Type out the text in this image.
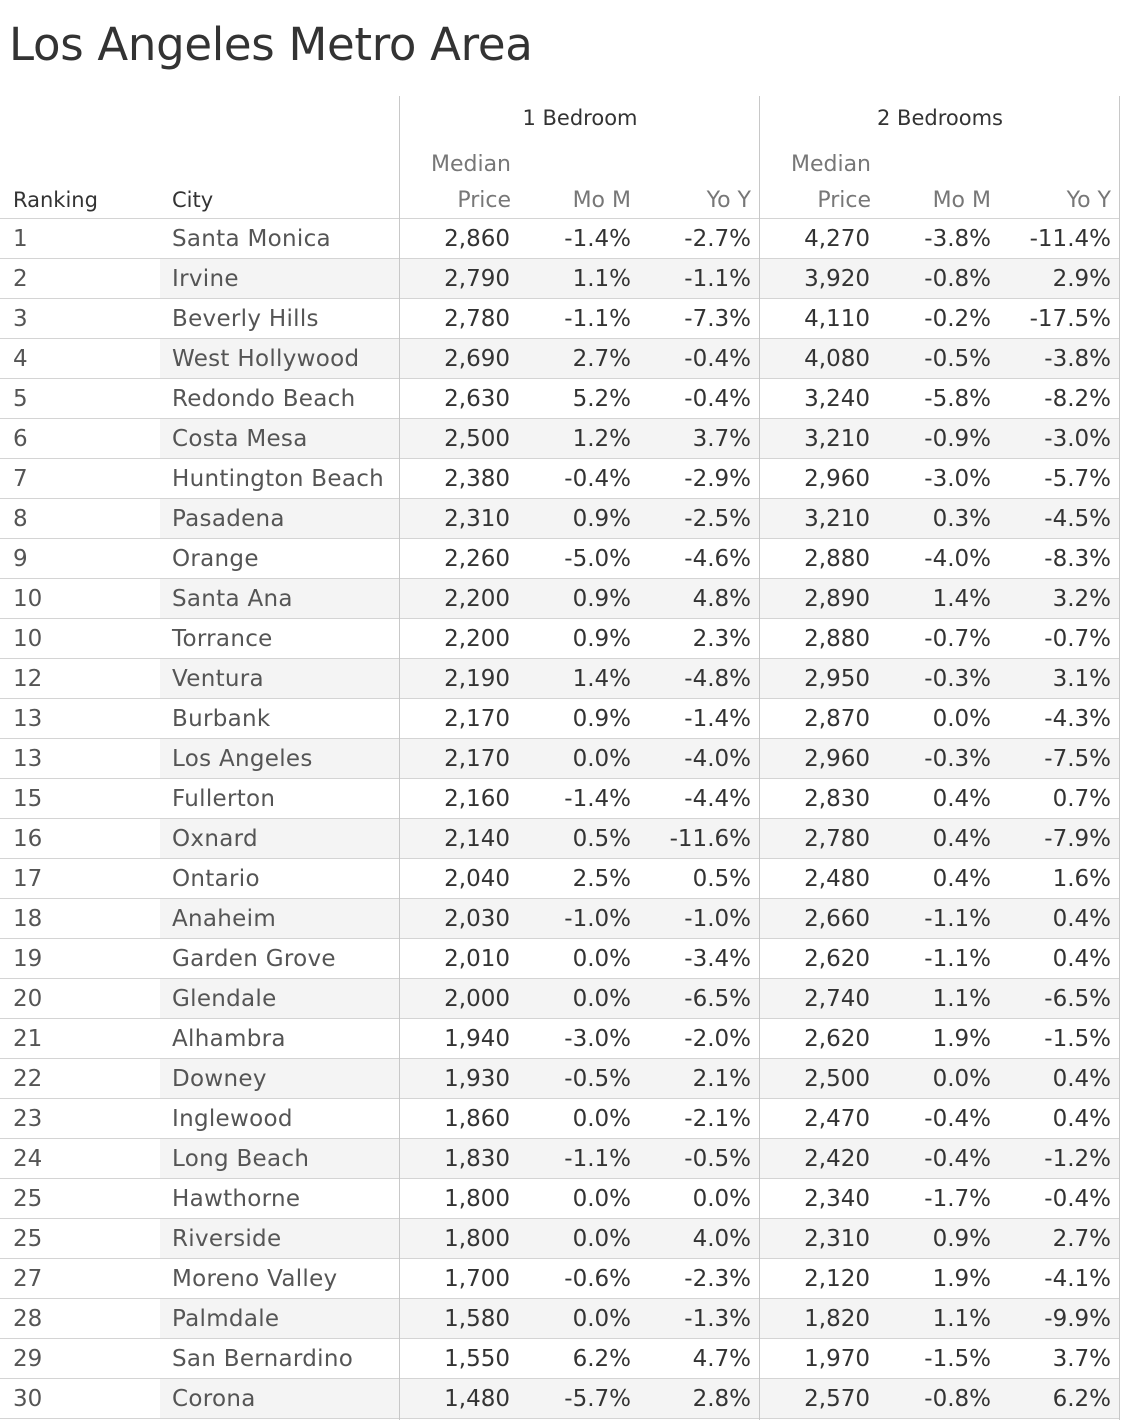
Los Angeles Metro Area
1 Bedroom	2 Bedrooms
Ranking	City
Median
Price	Mo M	Yo Y
Median
Price	Mo M	Yo Y
1	Santa Monica	2,860	-1.4%	-2.7%	4,270	-3.8%	-11.4%
2	Irvine	2,790	1.1%	-1.1%	3,920	-0.8%	2.9%
3	Beverly Hills	2,780	-1.1%	-7.3%	4,110	-0.2%	-17.5%
4	West Hollywood	2,690	2.7%	-0.4%	4,080	-0.5%	-3.8%
5	Redondo Beach	2,630	5.2%	-0.4%	3,240	-5.8%	-8.2%
6	Costa Mesa	2,500	1.2%	3.7%	3,210	-0.9%	-3.0%
7	Huntington Beach	2,380	-0.4%	-2.9%	2,960	-3.0%	-5.7%
8	Pasadena	2,310	0.9%	-2.5%	3,210	0.3%	-4.5%
9	Orange	2,260	-5.0%	-4.6%	2,880	-4.0%	-8.3%
10	Santa Ana	2,200	0.9%	4.8%	2,890	1.4%	3.2%
10	Torrance	2,200	0.9%	2.3%	2,880	-0.7%	-0.7%
12	Ventura	2,190	1.4%	-4.8%	2,950	-0.3%	3.1%
13	Burbank	2,170	0.9%	-1.4%	2,870	0.0%	-4.3%
13	Los Angeles	2,170	0.0%	-4.0%	2,960	-0.3%	-7.5%
15	Fullerton	2,160	-1.4%	-4.4%	2,830	0.4%	0.7%
16	Oxnard	2,140	0.5%	-11.6%	2,780	0.4%	-7.9%
17	Ontario	2,040	2.5%	0.5%	2,480	0.4%	1.6%
18	Anaheim	2,030	-1.0%	-1.0%	2,660	-1.1%	0.4%
19	Garden Grove	2,010	0.0%	-3.4%	2,620	-1.1%	0.4%
20	Glendale	2,000	0.0%	-6.5%	2,740	1.1%	-6.5%
21	Alhambra	1,940	-3.0%	-2.0%	2,620	1.9%	-1.5%
22	Downey	1,930	-0.5%	2.1%	2,500	0.0%	0.4%
23	Inglewood	1,860	0.0%	-2.1%	2,470	-0.4%	0.4%
24	Long Beach	1,830	-1.1%	-0.5%	2,420	-0.4%	-1.2%
25	Hawthorne	1,800	0.0%	0.0%	2,340	-1.7%	-0.4%
25	Riverside	1,800	0.0%	4.0%	2,310	0.9%	2.7%
27	Moreno Valley	1,700	-0.6%	-2.3%	2,120	1.9%	-4.1%
28	Palmdale	1,580	0.0%	-1.3%	1,820	1.1%	-9.9%
29	San Bernardino	1,550	6.2%	4.7%	1,970	-1.5%	3.7%
30	Corona	1,480	-5.7%	2.8%	2,570	-0.8%	6.2%
